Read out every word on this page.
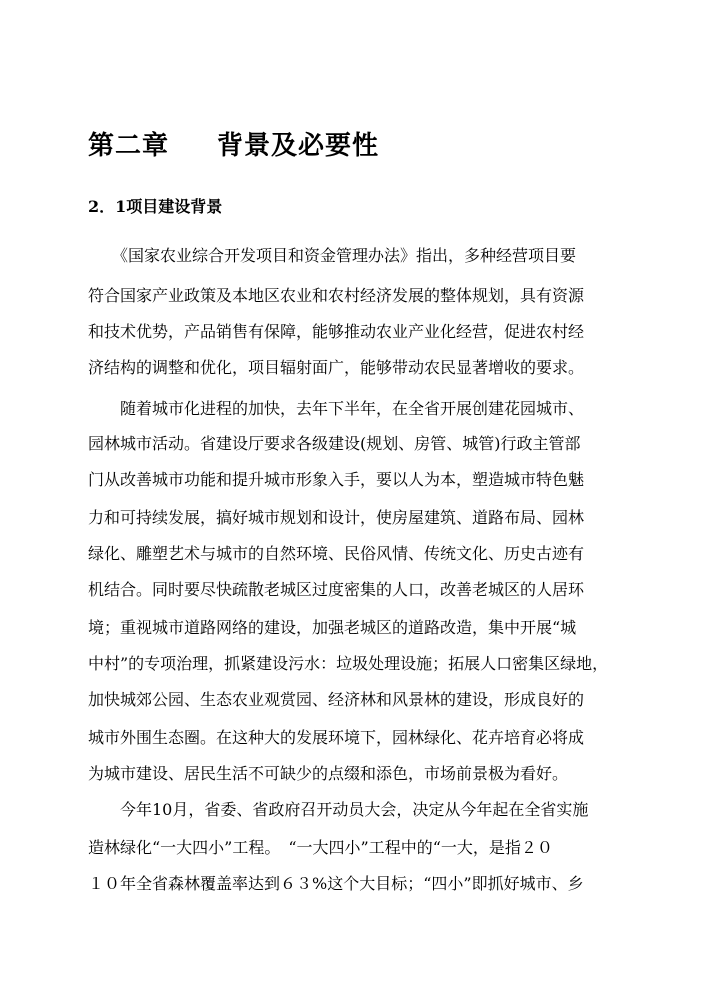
第二章 背景及必要性
2．1项目建设背景
　　《国家农业综合开发项目和资金管理办法》指出，多种经营项目要
符合国家产业政策及本地区农业和农村经济发展的整体规划，具有资源
和技术优势，产品销售有保障，能够推动农业产业化经营，促进农村经
济结构的调整和优化，项目辐射面广，能够带动农民显著增收的要求。
　　随着城市化进程的加快，去年下半年，在全省开展创建花园城市、
园林城市活动。省建设厅要求各级建设(规划、房管、城管)行政主管部
门从改善城市功能和提升城市形象入手，要以人为本，塑造城市特色魅
力和可持续发展，搞好城市规划和设计，使房屋建筑、道路布局、园林
绿化、雕塑艺术与城市的自然环境、民俗风情、传统文化、历史古迹有
机结合。同时要尽快疏散老城区过度密集的人口，改善老城区的人居环
境；重视城市道路网络的建设，加强老城区的道路改造，集中开展“城
中村”的专项治理，抓紧建设污水：垃圾处理设施；拓展人口密集区绿地，
加快城郊公园、生态农业观赏园、经济林和风景林的建设，形成良好的
城市外围生态圈。在这种大的发展环境下，园林绿化、花卉培育必将成
为城市建设、居民生活不可缺少的点缀和添色，市场前景极为看好。
　　今年10月，省委、省政府召开动员大会，决定从今年起在全省实施
造林绿化“一大四小”工程。　“一大四小”工程中的“一大，是指２０
１０年全省森林覆盖率达到６３%这个大目标；“四小”即抓好城市、乡
